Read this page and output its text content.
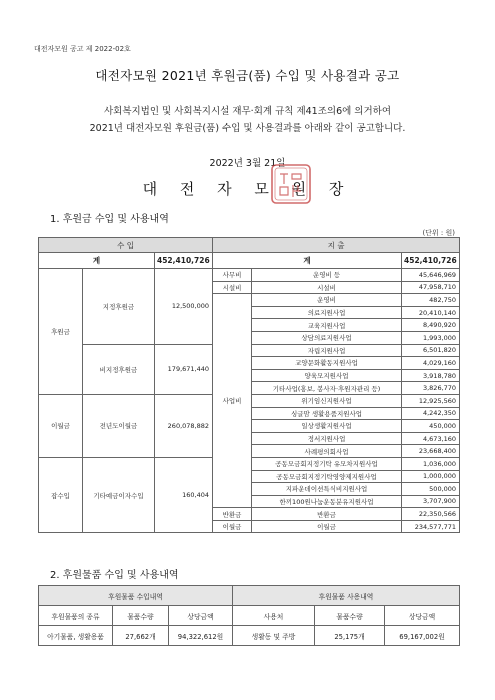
대전자모원 공고 제 2022-02호
대전자모원 2021년 후원금(품) 수입 및 사용결과 공고
사회복지법인 및 사회복지시설 재무·회계 규칙 제41조의6에 의거하여
2021년 대전자모원 후원금(품) 수입 및 사용결과를 아래와 같이 공고합니다.
2022년 3월 21일
대 전 자 모 원 장
1. 후원금 수입 및 사용내역
(단위 : 원)
수 입			지 출		
계		452,410,726	계		452,410,726
후원금	지정후원금	12,500,000	사무비	운영비 등	45,646,969
			시설비	시설비	47,958,710
			사업비	운영비	482,750
				의료지원사업	20,410,140
				교육지원사업	8,490,920
				상담의료지원사업	1,993,000
	비지정후원금	179,671,440		자립지원사업	6,501,820
				교양문화활동지원사업	4,029,160
				양육모지원사업	3,918,780
				기타사업(홍보, 봉사자·후원자관리 등)	3,826,770
이월금	전년도이월금	260,078,882		위기임신지원사업	12,925,560
				싱글맘 생활용품지원사업	4,242,350
				일상생활지원사업	450,000
				정서지원사업	4,673,160
				사례평의회사업	23,668,400
잡수입	기타예금이자수입	160,404		공동모금회지정기탁 유모차지원사업	1,036,000
				공동모금회지정기탁영양제지원사업	1,000,000
				지파운데이션특식비지원사업	500,000
				한끼100원나눔운동분유지원사업	3,707,900
			반환금	반환금	22,350,566
			이월금	이월금	234,577,771
2. 후원물품 수입 및 사용내역
후원물품 수입내역			후원물품 사용내역		
후원물품의 종류	물품수량	상당금액	사용처	물품수량	상당금액
아기물품, 생활용품	27,662개	94,322,612원	생활동 및 주방	25,175개	69,167,002원
